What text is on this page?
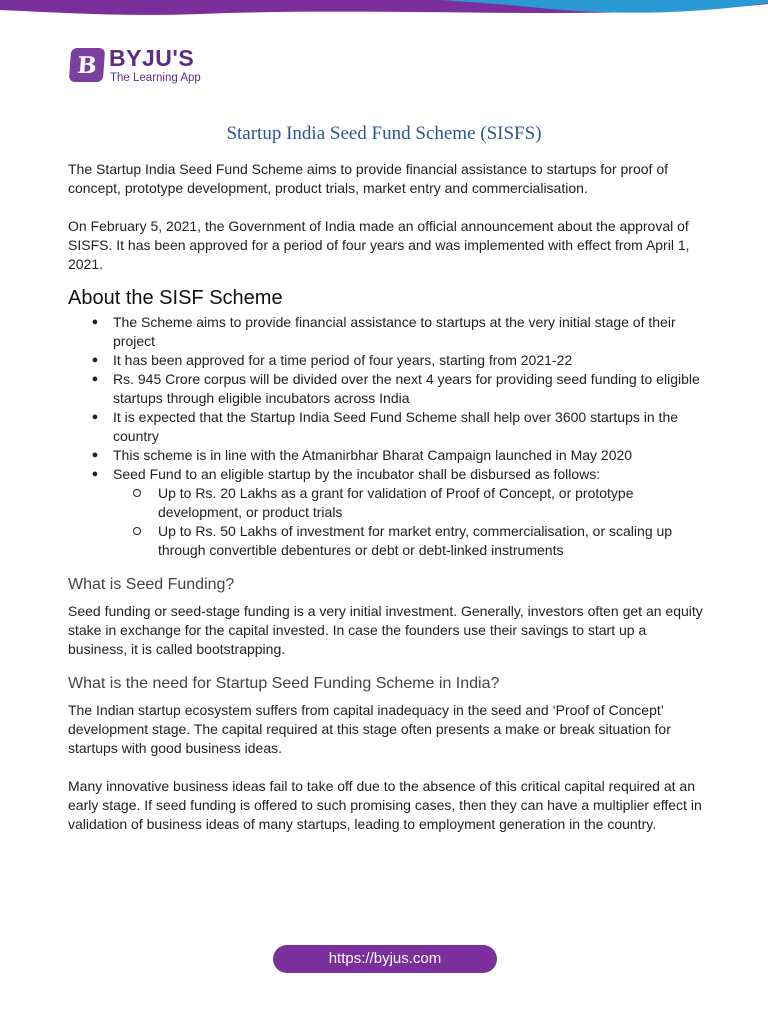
B BYJU'S
The Learning App
Startup India Seed Fund Scheme (SISFS)

The Startup India Seed Fund Scheme aims to provide financial assistance to startups for proof of concept, prototype development, product trials, market entry and commercialisation.

On February 5, 2021, the Government of India made an official announcement about the approval of SISFS. It has been approved for a period of four years and was implemented with effect from April 1, 2021.

About the SISF Scheme
● The Scheme aims to provide financial assistance to startups at the very initial stage of their project
● It has been approved for a time period of four years, starting from 2021-22
● Rs. 945 Crore corpus will be divided over the next 4 years for providing seed funding to eligible startups through eligible incubators across India
● It is expected that the Startup India Seed Fund Scheme shall help over 3600 startups in the country
● This scheme is in line with the Atmanirbhar Bharat Campaign launched in May 2020
● Seed Fund to an eligible startup by the incubator shall be disbursed as follows:
Up to Rs. 20 Lakhs as a grant for validation of Proof of Concept, or prototype development, or product trials
Up to Rs. 50 Lakhs of investment for market entry, commercialisation, or scaling up through convertible debentures or debt or debt-linked instruments
What is Seed Funding?

Seed funding or seed-stage funding is a very initial investment. Generally, investors often get an equity stake in exchange for the capital invested. In case the founders use their savings to start up a business, it is called bootstrapping.

What is the need for Startup Seed Funding Scheme in India?

The Indian startup ecosystem suffers from capital inadequacy in the seed and ‘Proof of Concept’ development stage. The capital required at this stage often presents a make or break situation for startups with good business ideas.

Many innovative business ideas fail to take off due to the absence of this critical capital required at an early stage. If seed funding is offered to such promising cases, then they can have a multiplier effect in validation of business ideas of many startups, leading to employment generation in the country.

https://byjus.com
